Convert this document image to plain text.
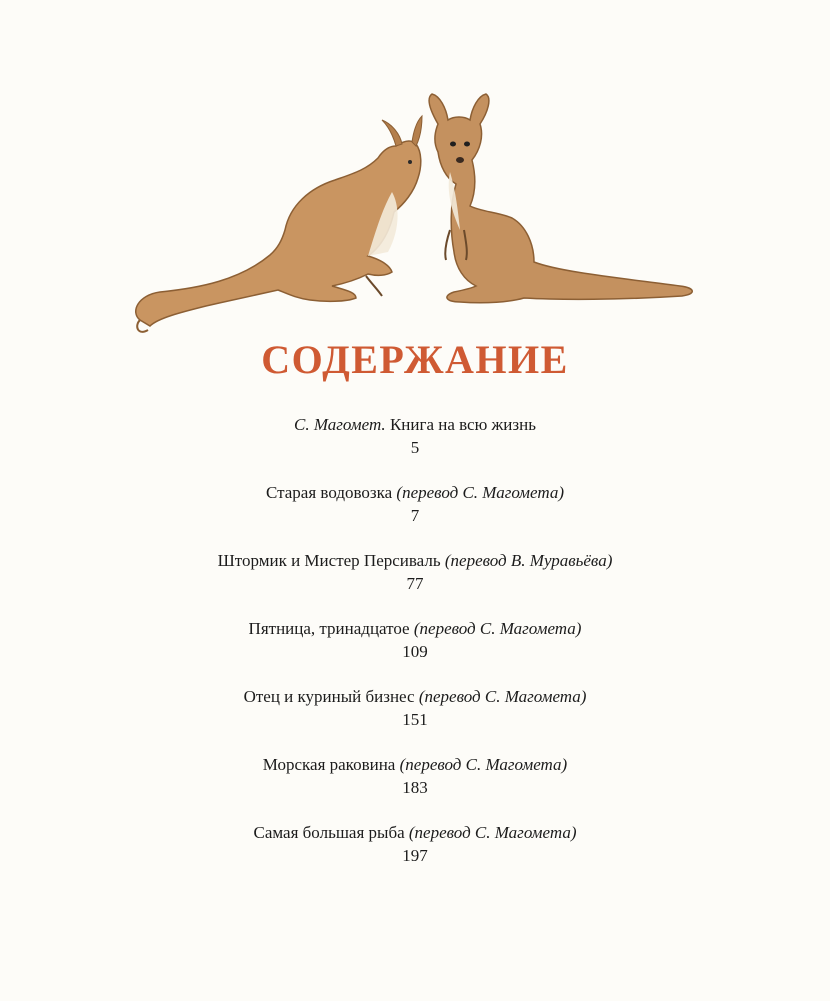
СОДЕРЖАНИЕ
С. Магомет. Книга на всю жизнь
5
Старая водовозка (перевод С. Магомета)
7
Штормик и Мистер Персиваль (перевод В. Муравьёва)
77
Пятница, тринадцатое (перевод С. Магомета)
109
Отец и куриный бизнес (перевод С. Магомета)
151
Морская раковина (перевод С. Магомета)
183
Самая большая рыба (перевод С. Магомета)
197
